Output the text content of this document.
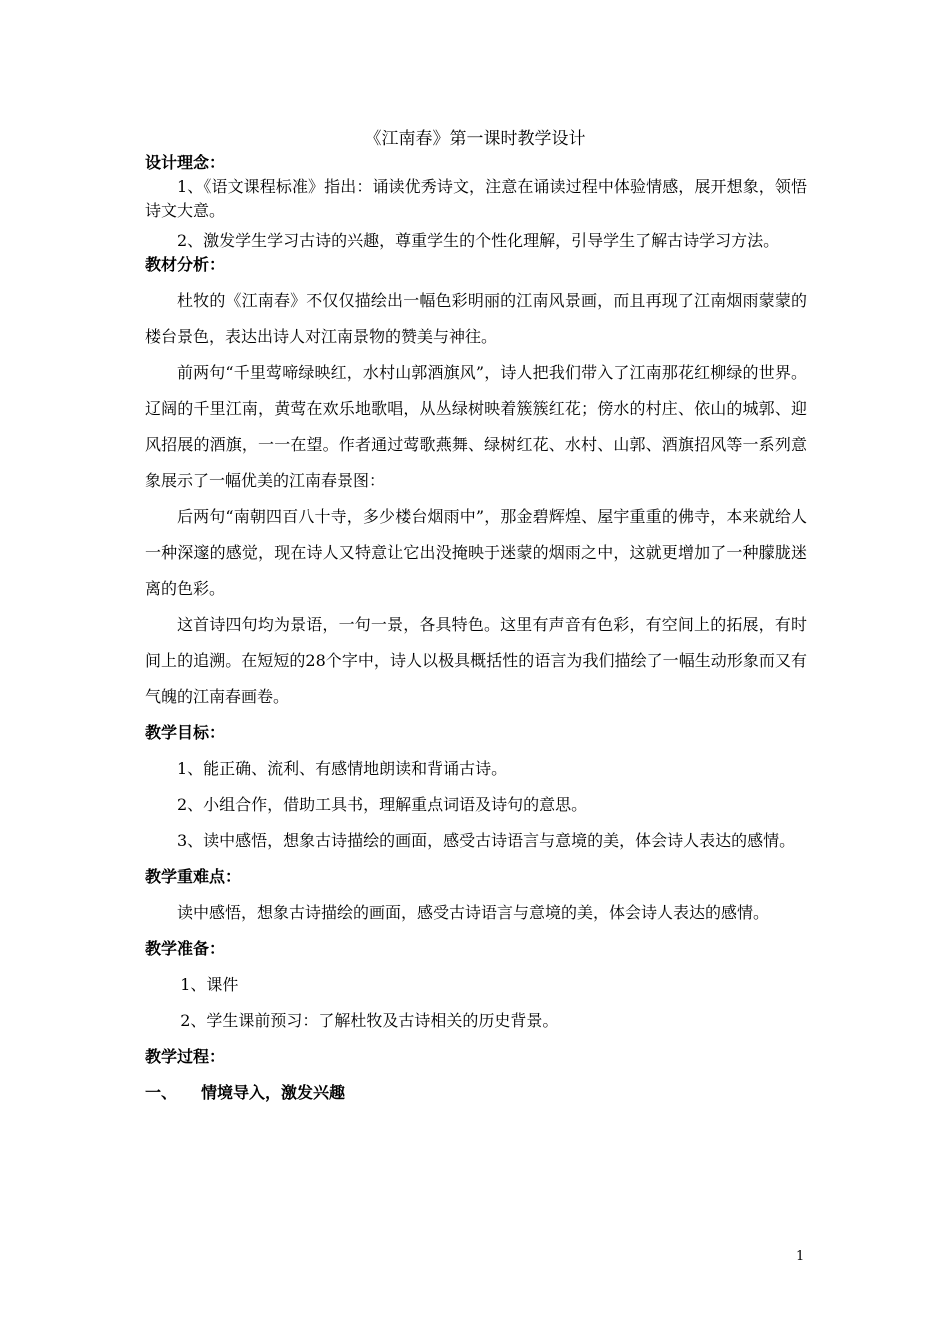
《江南春》第一课时教学设计

设计理念：

1、《语文课程标准》指出：诵读优秀诗文，注意在诵读过程中体验情感，展开想象，领悟诗文大意。

2、激发学生学习古诗的兴趣，尊重学生的个性化理解，引导学生了解古诗学习方法。

教材分析：

杜牧的《江南春》不仅仅描绘出一幅色彩明丽的江南风景画，而且再现了江南烟雨蒙蒙的楼台景色，表达出诗人对江南景物的赞美与神往。

前两句“千里莺啼绿映红，水村山郭酒旗风”，诗人把我们带入了江南那花红柳绿的世界。辽阔的千里江南，黄莺在欢乐地歌唱，从丛绿树映着簇簇红花；傍水的村庄、依山的城郭、迎风招展的酒旗，一一在望。作者通过莺歌燕舞、绿树红花、水村、山郭、酒旗招风等一系列意象展示了一幅优美的江南春景图：

后两句“南朝四百八十寺，多少楼台烟雨中”，那金碧辉煌、屋宇重重的佛寺，本来就给人一种深邃的感觉，现在诗人又特意让它出没掩映于迷蒙的烟雨之中，这就更增加了一种朦胧迷离的色彩。

这首诗四句均为景语，一句一景，各具特色。这里有声音有色彩，有空间上的拓展，有时间上的追溯。在短短的28个字中，诗人以极具概括性的语言为我们描绘了一幅生动形象而又有气魄的江南春画卷。

教学目标：

1、能正确、流利、有感情地朗读和背诵古诗。

2、小组合作，借助工具书，理解重点词语及诗句的意思。

3、读中感悟，想象古诗描绘的画面，感受古诗语言与意境的美，体会诗人表达的感情。

教学重难点：

读中感悟，想象古诗描绘的画面，感受古诗语言与意境的美，体会诗人表达的感情。

教学准备：

1、课件

2、学生课前预习：了解杜牧及古诗相关的历史背景。

教学过程：

一、	情境导入，激发兴趣
1
